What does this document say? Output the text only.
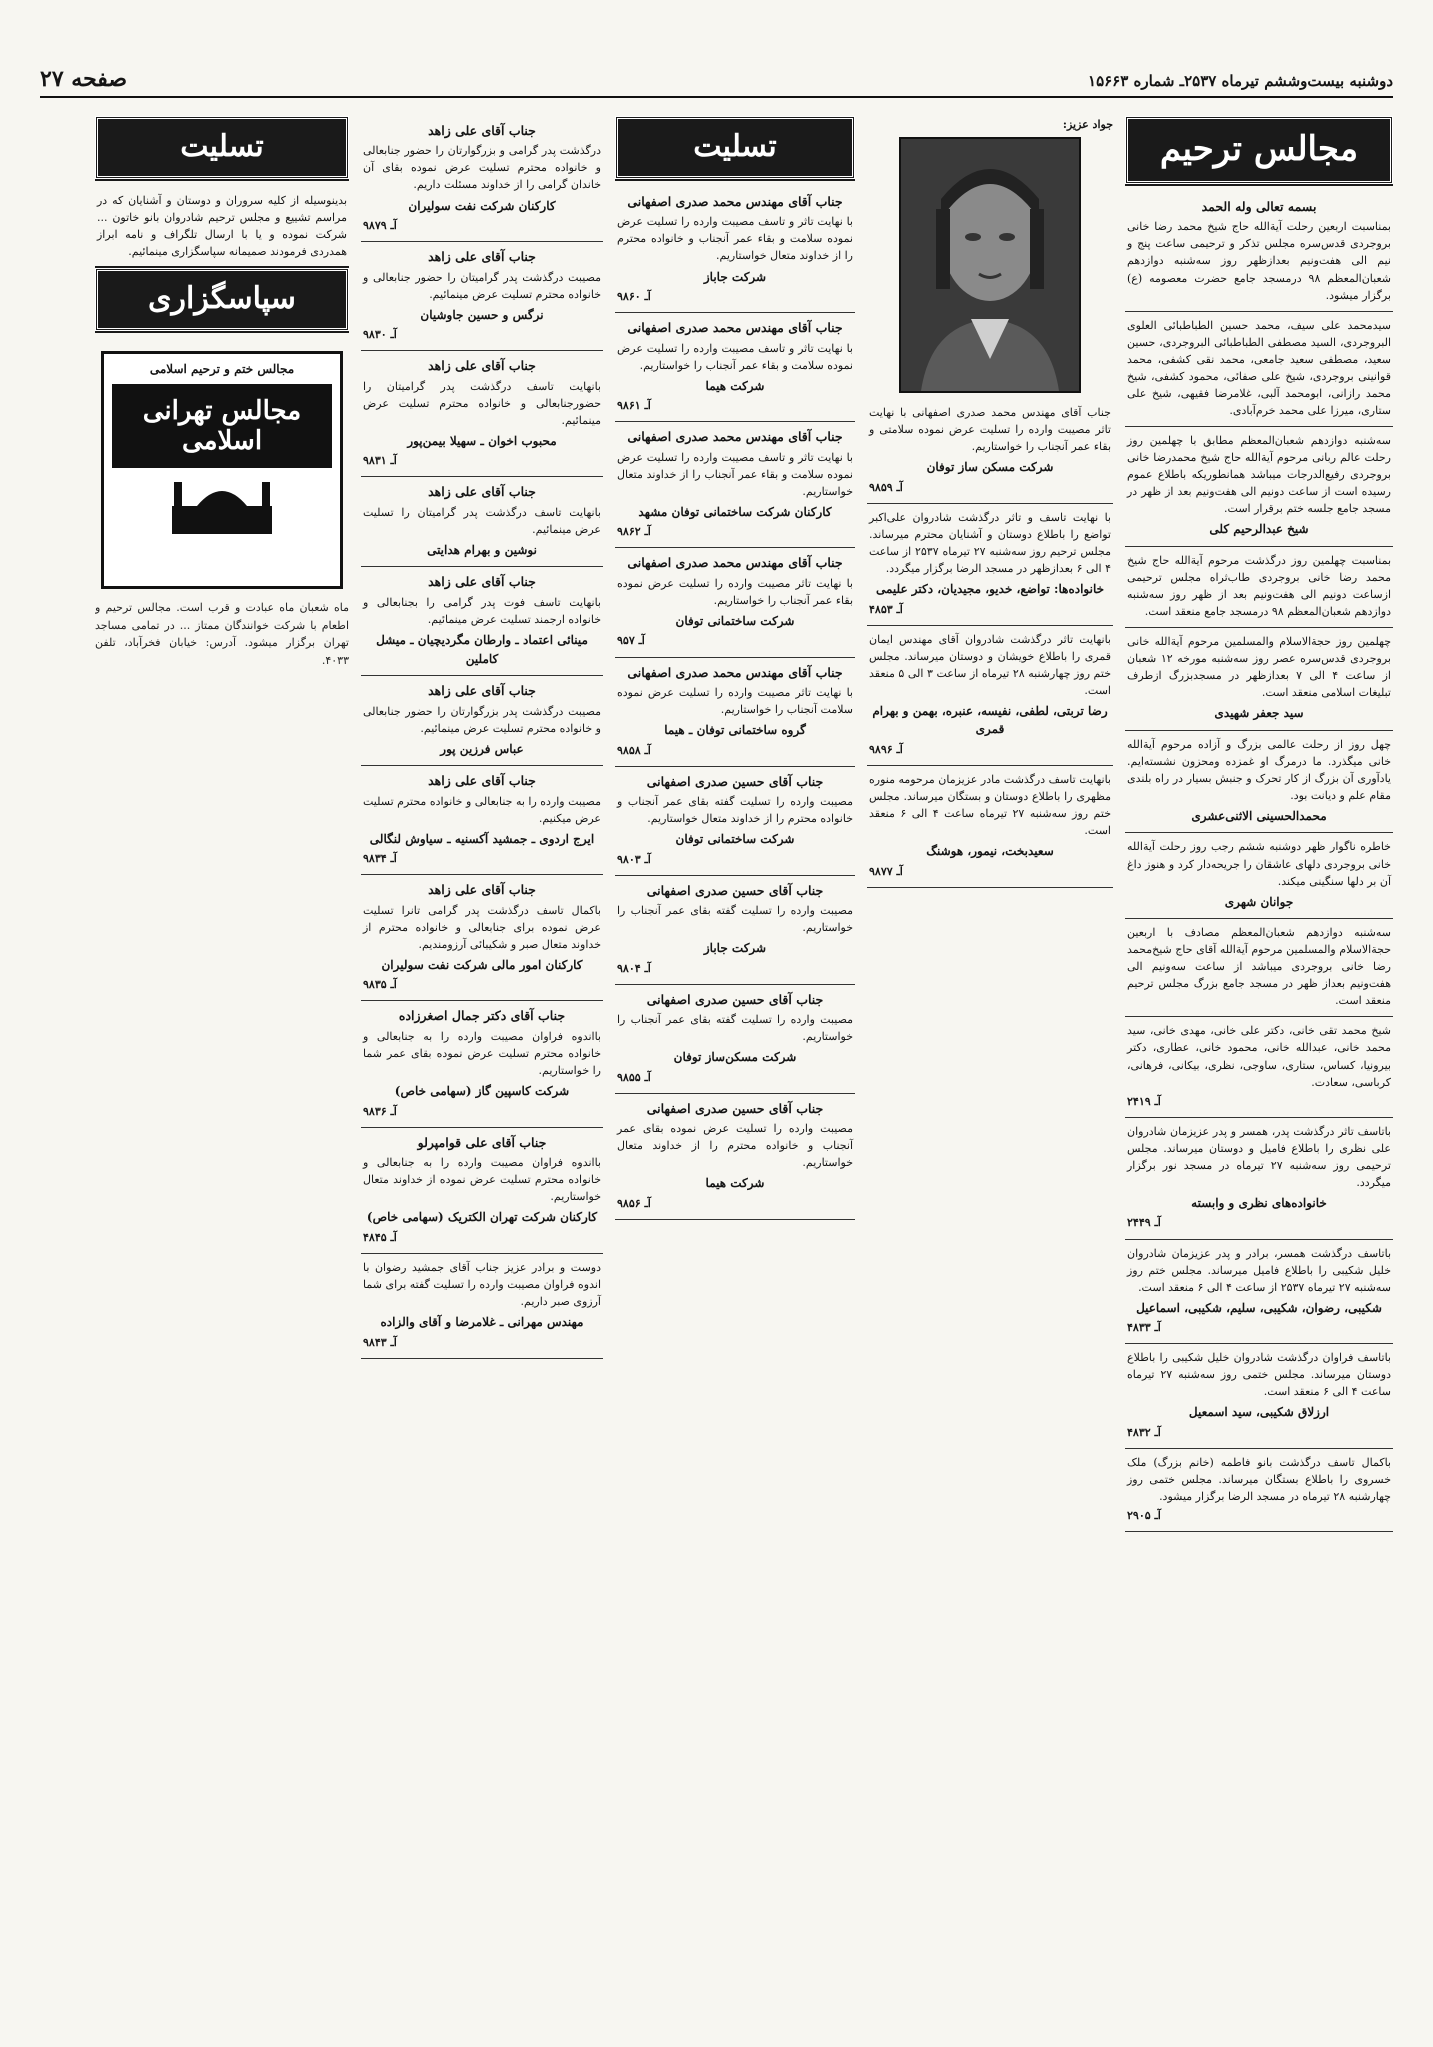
دوشنبه بیست‌وششم تیرماه ۲۵۳۷ـ شماره ۱۵۶۶۳
صفحه ۲۷
مجالس ترحیم
بسمه تعالی وله الحمد
بمناسبت اربعین رحلت آیةالله حاج شیخ محمد رضا خانی بروجردی قدس‌سره مجلس تذکر و ترحیمی ساعت پنج و نیم الی هفت‌ونیم بعدازظهر روز سه‌شنبه دوازدهم شعبان‌المعظم ۹۸ درمسجد جامع حضرت معصومه (ع) برگزار میشود.
سیدمحمد علی سیف، محمد حسین الطباطبائی العلوی البروجردی، السید مصطفی الطباطبائی البروجردی، حسین سعید، مصطفی سعید جامعی، محمد نقی کشفی، محمد قوانینی بروجردی، شیخ علی صفائی، محمود کشفی، شیخ محمد رازانی، ابومحمد آلبی، غلامرضا فقیهی، شیخ علی ستاری، میرزا علی محمد خرم‌آبادی.
سه‌شنبه دوازدهم شعبان‌المعظم مطابق با چهلمین روز رحلت عالم ربانی مرحوم آیةالله حاج شیخ محمدرضا خانی بروجردی رفیع‌الدرجات میباشد همانطوریکه باطلاع عموم رسیده است از ساعت دونیم الی هفت‌ونیم بعد از ظهر در مسجد جامع جلسه ختم برقرار است.
شیخ عبدالرحیم کلی
بمناسبت چهلمین روز درگذشت مرحوم آیةالله حاج شیخ محمد رضا خانی بروجردی طاب‌ثراه مجلس ترحیمی ازساعت دونیم الی هفت‌ونیم بعد از ظهر روز سه‌شنبه دوازدهم شعبان‌المعظم ۹۸ درمسجد جامع منعقد است.
چهلمین روز حجةالاسلام والمسلمین مرحوم آیةالله خانی بروجردی قدس‌سره عصر روز سه‌شنبه مورخه ۱۲ شعبان از ساعت ۴ الی ۷ بعدازظهر در مسجدبزرگ ازطرف تبلیغات اسلامی منعقد است.
سید جعفر شهیدی
چهل روز از رحلت عالمی بزرگ و آزاده مرحوم آیةالله خانی میگذرد. ما درمرگ او غمزده ومحزون نشسته‌ایم. یادآوری آن بزرگ از کار تحرک و جنبش بسیار در راه بلندی مقام علم و دیانت بود.
محمدالحسینی الاثنی‌عشری
خاطره ناگوار ظهر دوشنبه ششم رجب روز رحلت آیةالله خانی بروجردی دلهای عاشقان را جریحه‌دار کرد و هنوز داغ آن بر دلها سنگینی میکند.
جوانان شهری
سه‌شنبه دوازدهم شعبان‌المعظم مصادف با اربعین حجةالاسلام والمسلمین مرحوم آیةالله آقای حاج شیخ‌محمد رضا خانی بروجردی میباشد از ساعت سه‌ونیم الی هفت‌ونیم بعداز ظهر در مسجد جامع بزرگ مجلس ترحیم منعقد است.
شیخ محمد تقی خانی، دکتر علی خانی، مهدی خانی، سید محمد خانی، عبدالله خانی، محمود خانی، عطاری، دکتر بیرونیا، کساس، ستاری، ساوجی، نظری، بیکانی، فرهانی، کرباسی، سعادت.
آـ ۲۴۱۹
باتاسف تاثر درگذشت پدر، همسر و پدر عزیزمان شادروان علی نظری را باطلاع فامیل و دوستان میرساند. مجلس ترحیمی روز سه‌شنبه ۲۷ تیرماه در مسجد نور برگزار میگردد.
خانواده‌های نظری و وابسته
آـ ۲۴۴۹
باتاسف درگذشت همسر، برادر و پدر عزیزمان شادروان خلیل شکیبی را باطلاع فامیل میرساند. مجلس ختم روز سه‌شنبه ۲۷ تیرماه ۲۵۳۷ از ساعت ۴ الی ۶ منعقد است.
شکیبی، رضوان، شکیبی، سلیم، شکیبی، اسماعیل
آـ ۴۸۳۳
باتاسف فراوان درگذشت شادروان خلیل شکیبی را باطلاع دوستان میرساند. مجلس ختمی روز سه‌شنبه ۲۷ تیرماه ساعت ۴ الی ۶ منعقد است.
ارزلاق شکیبی، سید اسمعیل
آـ ۴۸۳۲
باکمال تاسف درگذشت بانو فاطمه (خانم بزرگ) ملک خسروی را باطلاع بستگان میرساند. مجلس ختمی روز چهارشنبه ۲۸ تیرماه در مسجد الرضا برگزار میشود.
آـ ۲۹۰۵
جواد عزیز:
جناب آقای مهندس محمد صدری اصفهانی با نهایت تاثر مصیبت وارده را تسلیت عرض نموده سلامتی و بقاء عمر آنجناب را خواستاریم.
شرکت مسکن ساز توفان
آـ ۹۸۵۹
با نهایت تاسف و تاثر درگذشت شادروان علی‌اکبر تواضع را باطلاع دوستان و آشنایان محترم میرساند. مجلس ترحیم روز سه‌شنبه ۲۷ تیرماه ۲۵۳۷ از ساعت ۴ الی ۶ بعدازظهر در مسجد الرضا برگزار میگردد.
خانواده‌ها: تواضع، خدیو، مجیدیان، دکتر علیمی
آـ ۴۸۵۳
بانهایت تاثر درگذشت شادروان آقای مهندس ایمان قمری را باطلاع خویشان و دوستان میرساند. مجلس ختم روز چهارشنبه ۲۸ تیرماه از ساعت ۳ الی ۵ منعقد است.
رضا تربتی، لطفی، نفیسه، عنبره، بهمن و بهرام قمری
آـ ۹۸۹۶
بانهایت تاسف درگذشت مادر عزیزمان مرحومه منوره مظهری را باطلاع دوستان و بستگان میرساند. مجلس ختم روز سه‌شنبه ۲۷ تیرماه ساعت ۴ الی ۶ منعقد است.
سعیدبخت، نیمور، هوشنگ
آـ ۹۸۷۷
تسلیت
جناب آقای مهندس محمد صدری اصفهانی
با نهایت تاثر و تاسف مصیبت وارده را تسلیت عرض نموده سلامت و بقاء عمر آنجناب و خانواده محترم را از خداوند متعال خواستاریم.
شرکت جاباز
آـ ۹۸۶۰
جناب آقای مهندس محمد صدری اصفهانی
با نهایت تاثر و تاسف مصیبت وارده را تسلیت عرض نموده سلامت و بقاء عمر آنجناب را خواستاریم.
شرکت هیما
آـ ۹۸۶۱
جناب آقای مهندس محمد صدری اصفهانی
با نهایت تاثر و تاسف مصیبت وارده را تسلیت عرض نموده سلامت و بقاء عمر آنجناب را از خداوند متعال خواستاریم.
کارکنان شرکت ساختمانی توفان مشهد
آـ ۹۸۶۲
جناب آقای مهندس محمد صدری اصفهانی
با نهایت تاثر مصیبت وارده را تسلیت عرض نموده بقاء عمر آنجناب را خواستاریم.
شرکت ساختمانی توفان
آـ ۹۵۷
جناب آقای مهندس محمد صدری اصفهانی
با نهایت تاثر مصیبت وارده را تسلیت عرض نموده سلامت آنجناب را خواستاریم.
گروه ساختمانی توفان ـ هیما
آـ ۹۸۵۸
جناب آقای حسین صدری اصفهانی
مصیبت وارده را تسلیت گفته بقای عمر آنجناب و خانواده محترم را از خداوند متعال خواستاریم.
شرکت ساختمانی توفان
آـ ۹۸۰۳
جناب آقای حسین صدری اصفهانی
مصیبت وارده را تسلیت گفته بقای عمر آنجناب را خواستاریم.
شرکت جاباز
آـ ۹۸۰۴
جناب آقای حسین صدری اصفهانی
مصیبت وارده را تسلیت گفته بقای عمر آنجناب را خواستاریم.
شرکت مسکن‌ساز توفان
آـ ۹۸۵۵
جناب آقای حسین صدری اصفهانی
مصیبت وارده را تسلیت عرض نموده بقای عمر آنجناب و خانواده محترم را از خداوند متعال خواستاریم.
شرکت هیما
آـ ۹۸۵۶
جناب آقای علی زاهد
درگذشت پدر گرامی و بزرگوارتان را حضور جنابعالی و خانواده محترم تسلیت عرض نموده بقای آن خاندان گرامی را از خداوند مسئلت داریم.
کارکنان شرکت نفت سولیران
آـ ۹۸۷۹
جناب آقای علی زاهد
مصیبت درگذشت پدر گرامیتان را حضور جنابعالی و خانواده محترم تسلیت عرض مینمائیم.
نرگس و حسین جاوشیان
آـ ۹۸۳۰
جناب آقای علی زاهد
بانهایت تاسف درگذشت پدر گرامیتان را حضورجنابعالی و خانواده محترم تسلیت عرض مینمائیم.
محبوب اخوان ـ سهیلا بیمن‌پور
آـ ۹۸۳۱
جناب آقای علی زاهد
بانهایت تاسف درگذشت پدر گرامیتان را تسلیت عرض مینمائیم.
نوشین و بهرام هدایتی
جناب آقای علی زاهد
بانهایت تاسف فوت پدر گرامی را بجنابعالی و خانواده ارجمند تسلیت عرض مینمائیم.
مینائی اعتماد ـ وارطان مگردیچیان ـ میشل کاملین
جناب آقای علی زاهد
مصیبت درگذشت پدر بزرگوارتان را حضور جنابعالی و خانواده محترم تسلیت عرض مینمائیم.
عباس فرزین پور
جناب آقای علی زاهد
مصیبت وارده را به جنابعالی و خانواده محترم تسلیت عرض میکنیم.
ایرج اردوی ـ جمشید آکسنیه ـ سیاوش لنگالی
آـ ۹۸۳۴
جناب آقای علی زاهد
باکمال تاسف درگذشت پدر گرامی تانرا تسلیت عرض نموده برای جنابعالی و خانواده محترم از خداوند متعال صبر و شکیبائی آرزومندیم.
کارکنان امور مالی شرکت نفت سولیران
آـ ۹۸۳۵
جناب آقای دکتر جمال اصغرزاده
بااندوه فراوان مصیبت وارده را به جنابعالی و خانواده محترم تسلیت عرض نموده بقای عمر شما را خواستاریم.
شرکت کاسپین گاز (سهامی خاص)
آـ ۹۸۳۶
جناب آقای علی قوامپرلو
بااندوه فراوان مصیبت وارده را به جنابعالی و خانواده محترم تسلیت عرض نموده از خداوند متعال خواستاریم.
کارکنان شرکت تهران الکتریک (سهامی خاص)
آـ ۴۸۴۵
دوست و برادر عزیز جناب آقای جمشید رضوان با اندوه فراوان مصیبت وارده را تسلیت گفته برای شما آرزوی صبر داریم.
مهندس مهرانی ـ غلامرضا و آقای والزاده
آـ ۹۸۴۳
تسلیت
بدینوسیله از کلیه سروران و دوستان و آشنایان که در مراسم تشییع و مجلس ترحیم شادروان بانو خاتون ... شرکت نموده و یا با ارسال تلگراف و نامه ابراز همدردی فرمودند صمیمانه سپاسگزاری مینمائیم.
سپاسگزاری
مجالس ختم و ترحیم اسلامی
مجالس تهرانی اسلامی
ماه شعبان ماه عبادت و قرب است. مجالس ترحیم و اطعام با شرکت خوانندگان ممتاز ... در تمامی مساجد تهران برگزار میشود. آدرس: خیابان فخرآباد، تلفن ۴۰۳۳.
